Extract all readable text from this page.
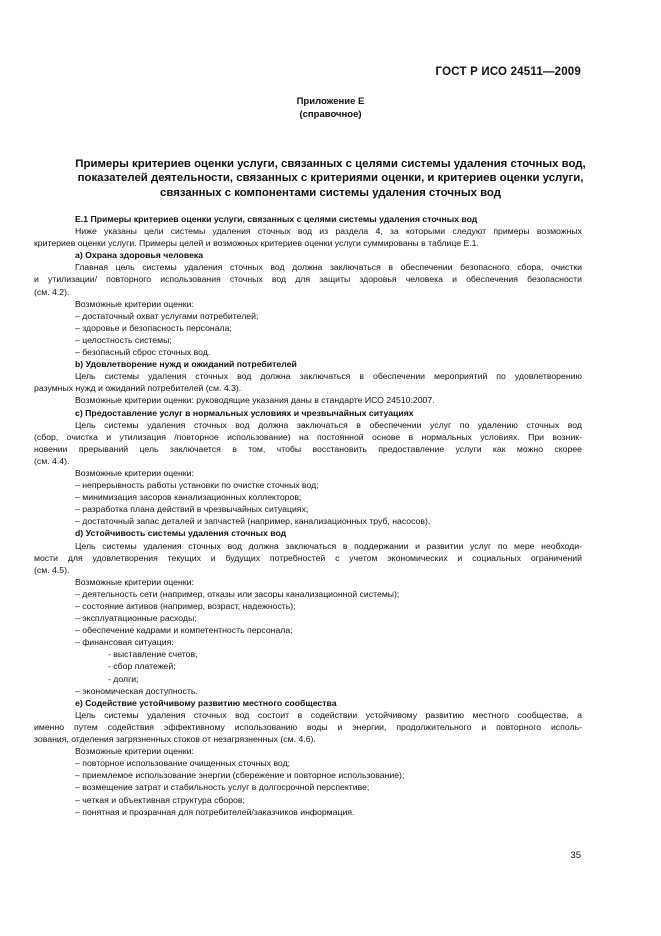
ГОСТ Р ИСО 24511—2009
Приложение Е
(справочное)
Примеры критериев оценки услуги, связанных с целями системы удаления сточных вод,
показателей деятельности, связанных с критериями оценки, и критериев оценки услуги,
связанных с компонентами системы удаления сточных вод
Е.1 Примеры критериев оценки услуги, связанных с целями системы удаления сточных вод
Ниже указаны цели системы удаления сточных вод из раздела 4, за которыми следуют примеры возможных
критериев оценки услуги. Примеры целей и возможных критериев оценки услуги суммированы в таблице Е.1.
a) Охрана здоровья человека
Главная цель системы удаления сточных вод должна заключаться в обеспечении безопасного сбора, очистки
и утилизации/ повторного использования сточных вод для защиты здоровья человека и обеспечения безопасности
(см. 4.2).
Возможные критерии оценки:
– достаточный охват услугами потребителей;
– здоровье и безопасность персонала;
– целостность системы;
– безопасный сброс сточных вод.
b) Удовлетворение нужд и ожиданий потребителей
Цель системы удаления сточных вод должна заключаться в обеспечении мероприятий по удовлетворению
разумных нужд и ожиданий потребителей (см. 4.3).
Возможные критерии оценки: руководящие указания даны в стандарте ИСО 24510:2007.
c) Предоставление услуг в нормальных условиях и чрезвычайных ситуациях
Цель системы удаления сточных вод должна заключаться в обеспечении услуг по удалению сточных вод
(сбор, очистка и утилизация /повторное использование) на постоянной основе в нормальных условиях. При возник-
новении прерываний цель заключается в том, чтобы восстановить предоставление услуги как можно скорее
(см. 4.4).
Возможные критерии оценки:
– непрерывность работы установки по очистке сточных вод;
– минимизация засоров канализационных коллекторов;
– разработка плана действий в чрезвычайных ситуациях;
– достаточный запас деталей и запчастей (например, канализационных труб, насосов).
d) Устойчивость системы удаления сточных вод
Цель системы удаления сточных вод должна заключаться в поддержании и развитии услуг по мере необходи-
мости для удовлетворения текущих и будущих потребностей с учетом экономических и социальных ограничений
(см. 4.5).
Возможные критерии оценки:
– деятельность сети (например, отказы или засоры канализационной системы);
– состояние активов (например, возраст, надежность);
– эксплуатационные расходы;
– обеспечение кадрами и компетентность персонала;
– финансовая ситуация:
- выставление счетов,
- сбор платежей;
- долги;
– экономическая доступность.
e) Содействие устойчивому развитию местного сообщества
Цель системы удаления сточных вод состоит в содействии устойчивому развитию местного сообщества, а
именно путем содействия эффективному использованию воды и энергии, продолжительного и повторного исполь-
зования, отделения загрязненных стоков от незагрязненных (см. 4.6).
Возможные критерии оценки:
– повторное использование очищенных сточных вод;
– приемлемое использование энергии (сбережение и повторное использование);
– возмещение затрат и стабильность услуг в долгосрочной перспективе;
– четкая и объективная структура сборов;
– понятная и прозрачная для потребителей/заказчиков информация.
35
